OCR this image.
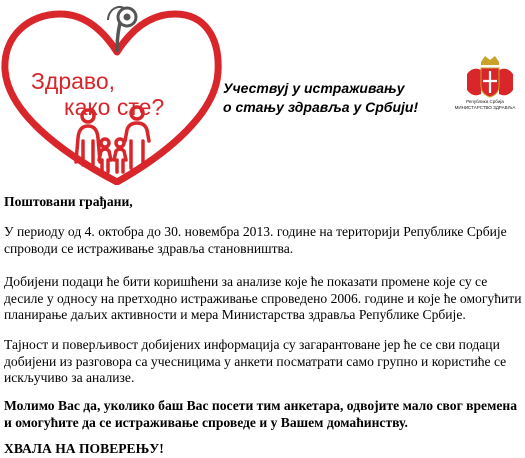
Здраво,
како сте?
Учествуј у истраживању
о стању здравља у Србији!	Република Србија
МИНИСТАРСТВО ЗДРАВЉА

Поштовани грађани,

У периоду од 4. октобра до 30. новембра 2013. године на територији Републике Србије спроводи се истраживање здравља становништва.

Добијени подаци ће бити коришћени за анализе које ће показати промене које су се десиле у односу на претходно истраживање спроведено 2006. године и које ће омогућити планирање даљих активности и мера Министарства здравља Републике Србије.

Тајност и поверљивост добијених информација су загарантоване јер ће се сви подаци добијени из разговора са учесницима у анкети посматрати само групно и користиће се искључиво за анализе.

Молимо Вас да, уколико баш Вас посети тим анкетара, одвојите мало свог времена и омогућите да се истраживање спроведе и у Вашем домаћинству.

ХВАЛА НА ПОВЕРЕЊУ!
